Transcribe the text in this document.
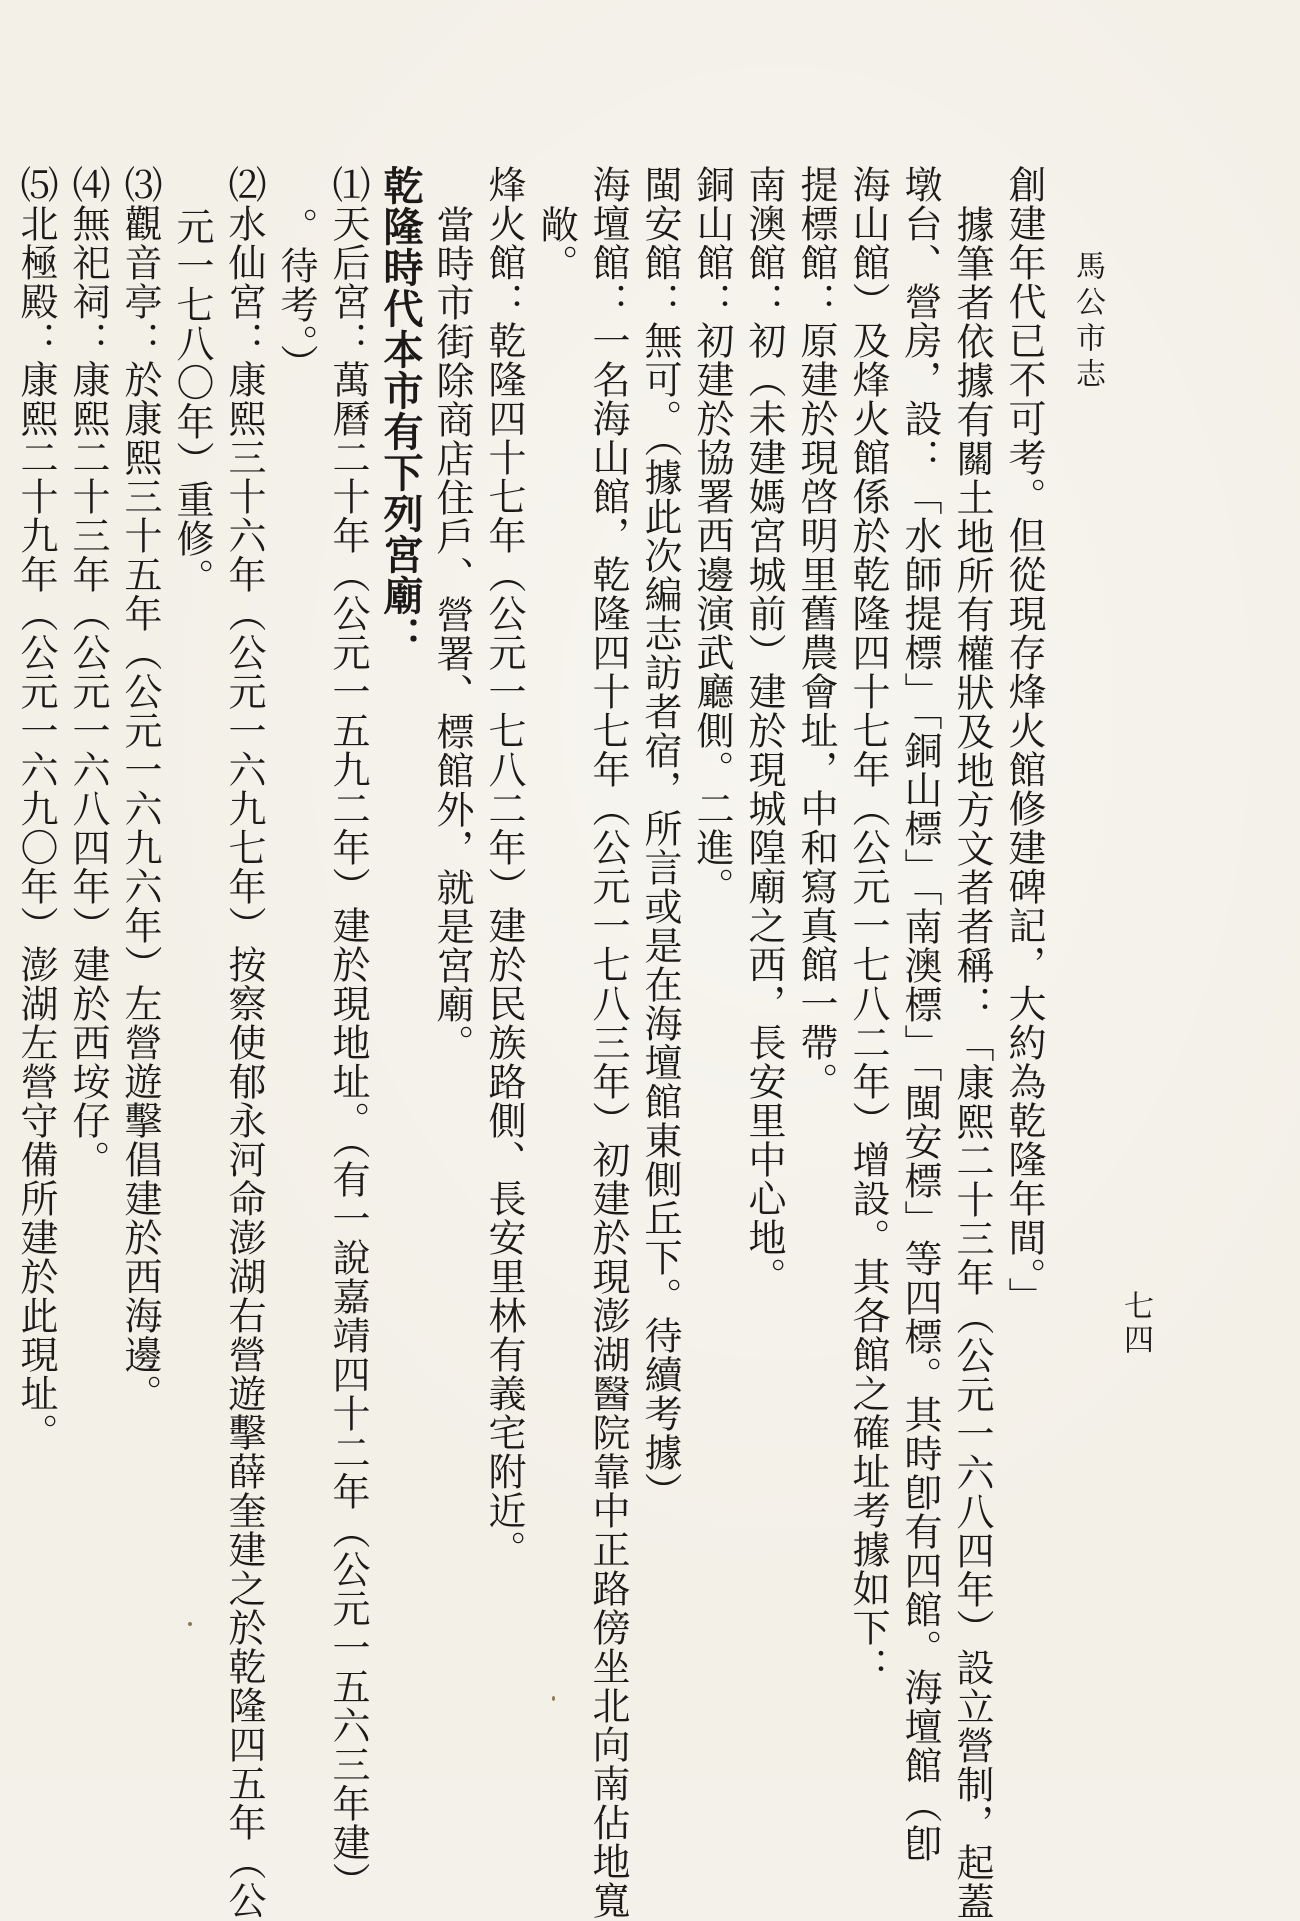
馬公市志
七四
創建年代已不可考。但從現存烽火館修建碑記，大約為乾隆年間。」
據筆者依據有關土地所有權狀及地方文者者稱：「康熙二十三年（公元一六八四年）設立營制，起蓋
墩台、營房，設：「水師提標」「銅山標」「南澳標」「閩安標」等四標。其時卽有四館。海壇館（卽
海山館）及烽火館係於乾隆四十七年（公元一七八二年）增設。其各館之確址考據如下：
提標館：原建於現啓明里舊農會址，中和寫真館一帶。
南澳館：初（未建媽宮城前）建於現城隍廟之西，長安里中心地。
銅山館：初建於協署西邊演武廳側。二進。
閩安館：無可。（據此次編志訪者宿，所言或是在海壇館東側丘下。待續考據）
海壇館：一名海山館，乾隆四十七年（公元一七八三年）初建於現澎湖醫院靠中正路傍坐北向南佔地寬
敞。
烽火館：乾隆四十七年（公元一七八二年）建於民族路側、長安里林有義宅附近。
當時市街除商店住戶、營署、標館外，就是宮廟。
乾隆時代本市有下列宮廟：
⑴天后宮：萬曆二十年（公元一五九二年）建於現地址。（有一說嘉靖四十二年（公元一五六三年建）
。待考。）
⑵水仙宮：康熙三十六年（公元一六九七年）按察使郁永河命澎湖右營遊擊薛奎建之於乾隆四五年（公
元一七八〇年）重修。
⑶觀音亭：於康熙三十五年（公元一六九六年）左營遊擊倡建於西海邊。
⑷無祀祠：康熙二十三年（公元一六八四年）建於西垵仔。
⑸北極殿：康熙二十九年（公元一六九〇年）澎湖左營守備所建於此現址。
